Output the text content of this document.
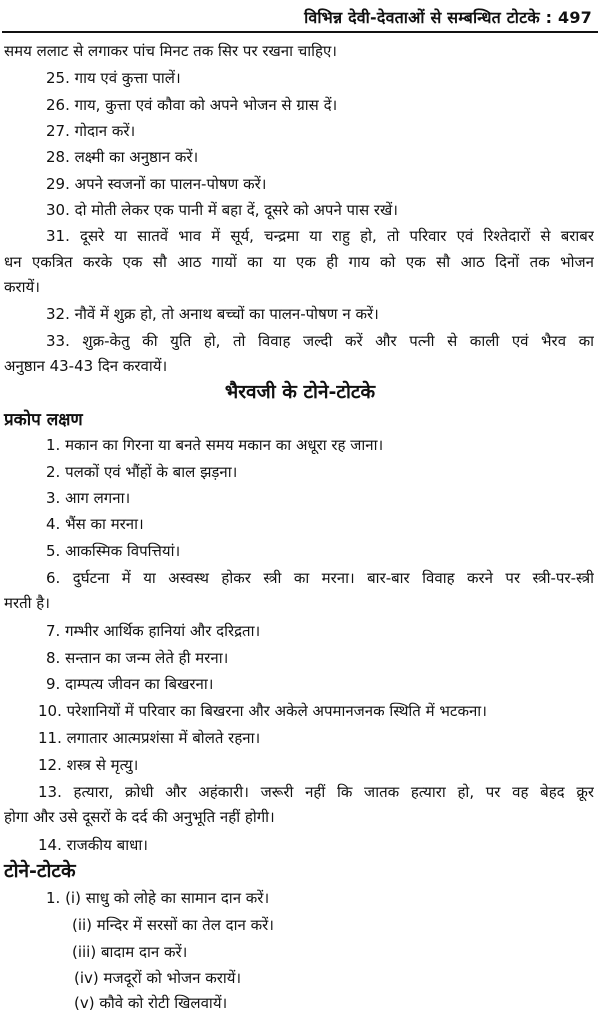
विभिन्न देवी-देवताओं से सम्बन्धित टोटके : 497
समय ललाट से लगाकर पांच मिनट तक सिर पर रखना चाहिए।
25. गाय एवं कुत्ता पालें।
26. गाय, कुत्ता एवं कौवा को अपने भोजन से ग्रास दें।
27. गोदान करें।
28. लक्ष्मी का अनुष्ठान करें।
29. अपने स्वजनों का पालन-पोषण करें।
30. दो मोती लेकर एक पानी में बहा दें, दूसरे को अपने पास रखें।
31. दूसरे या सातवें भाव में सूर्य, चन्द्रमा या राहु हो, तो परिवार एवं रिश्तेदारों से बराबर
धन एकत्रित करके एक सौ आठ गायों का या एक ही गाय को एक सौ आठ दिनों तक भोजन
करायें।
32. नौवें में शुक्र हो, तो अनाथ बच्चों का पालन-पोषण न करें।
33. शुक्र-केतु की युति हो, तो विवाह जल्दी करें और पत्नी से काली एवं भैरव का
अनुष्ठान 43-43 दिन करवायें।
भैरवजी के टोने-टोटके
प्रकोप लक्षण
1. मकान का गिरना या बनते समय मकान का अधूरा रह जाना।
2. पलकों एवं भौंहों के बाल झड़ना।
3. आग लगना।
4. भैंस का मरना।
5. आकस्मिक विपत्तियां।
6. दुर्घटना में या अस्वस्थ होकर स्त्री का मरना। बार-बार विवाह करने पर स्त्री-पर-स्त्री
मरती है।
7. गम्भीर आर्थिक हानियां और दरिद्रता।
8. सन्तान का जन्म लेते ही मरना।
9. दाम्पत्य जीवन का बिखरना।
10. परेशानियों में परिवार का बिखरना और अकेले अपमानजनक स्थिति में भटकना।
11. लगातार आत्मप्रशंसा में बोलते रहना।
12. शस्त्र से मृत्यु।
13. हत्यारा, क्रोधी और अहंकारी। जरूरी नहीं कि जातक हत्यारा हो, पर वह बेहद क्रूर
होगा और उसे दूसरों के दर्द की अनुभूति नहीं होगी।
14. राजकीय बाधा।
टोने-टोटके
1. (i) साधु को लोहे का सामान दान करें।
(ii) मन्दिर में सरसों का तेल दान करें।
(iii) बादाम दान करें।
(iv) मजदूरों को भोजन करायें।
(v) कौवे को रोटी खिलवायें।
